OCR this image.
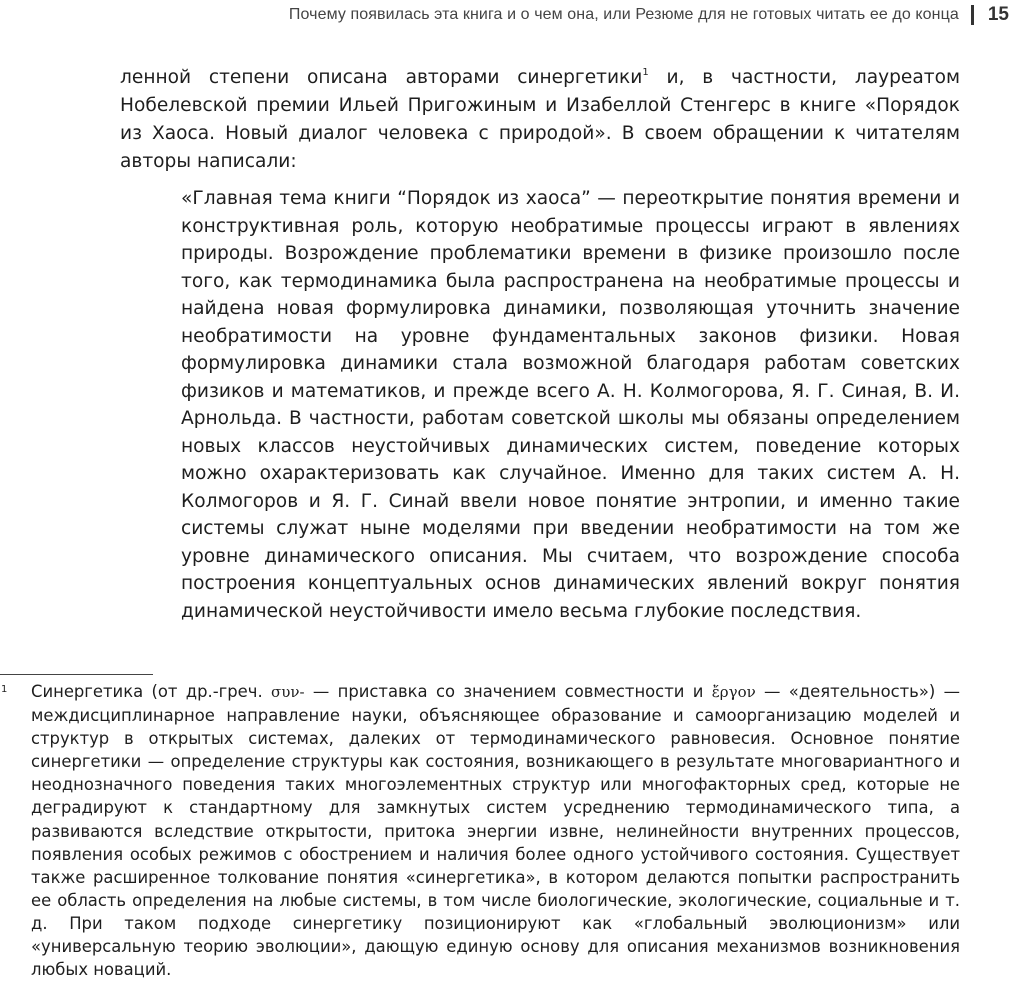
Почему появилась эта книга и о чем она, или Резюме для не готовых читать ее до конца 15

ленной степени описана авторами синергетики$^1$ и, в частности, лауреатом Нобелевской премии Ильей Пригожиным и Изабеллой Стенгерс в книге «Порядок из Хаоса. Новый диалог человека с природой». В своем обращении к читателям авторы написали:

«Главная тема книги “Порядок из хаоса” — переоткрытие понятия времени и конструктивная роль, которую необратимые процессы играют в явлениях природы. Возрождение проблематики времени в физике произошло после того, как термодинамика была распространена на необратимые процессы и найдена новая формулировка динамики, позволяющая уточнить значение необратимости на уровне фундаментальных законов физики. Новая формулировка динамики стала возможной благодаря работам советских физиков и математиков, и прежде всего А. Н. Колмогорова, Я. Г. Синая, В. И. Арнольда. В частности, работам советской школы мы обязаны определением новых классов неустойчивых динамических систем, поведение которых можно охарактеризовать как случайное. Именно для таких систем А. Н. Колмогоров и Я. Г. Синай ввели новое понятие энтропии, и именно такие системы служат ныне моделями при введении необратимости на том же уровне динамического описания. Мы считаем, что возрождение способа построения концептуальных основ динамических явлений вокруг понятия динамической неустойчивости имело весьма глубокие последствия.

1 Синергетика (от др.-греч. συν- — приставка со значением совместности и ἔργον — «деятельность») — междисциплинарное направление науки, объясняющее образование и самоорганизацию моделей и структур в открытых системах, далеких от термодинамического равновесия. Основное понятие синергетики — определение структуры как состояния, возникающего в результате многовариантного и неоднозначного поведения таких многоэлементных структур или многофакторных сред, которые не деградируют к стандартному для замкнутых систем усреднению термодинамического типа, а развиваются вследствие открытости, притока энергии извне, нелинейности внутренних процессов, появления особых режимов с обострением и наличия более одного устойчивого состояния. Существует также расширенное толкование понятия «синергетика», в котором делаются попытки распространить ее область определения на любые системы, в том числе биологические, экологические, социальные и т. д. При таком подходе синергетику позиционируют как «глобальный эволюционизм» или «универсальную теорию эволюции», дающую единую основу для описания механизмов возникновения любых новаций.
